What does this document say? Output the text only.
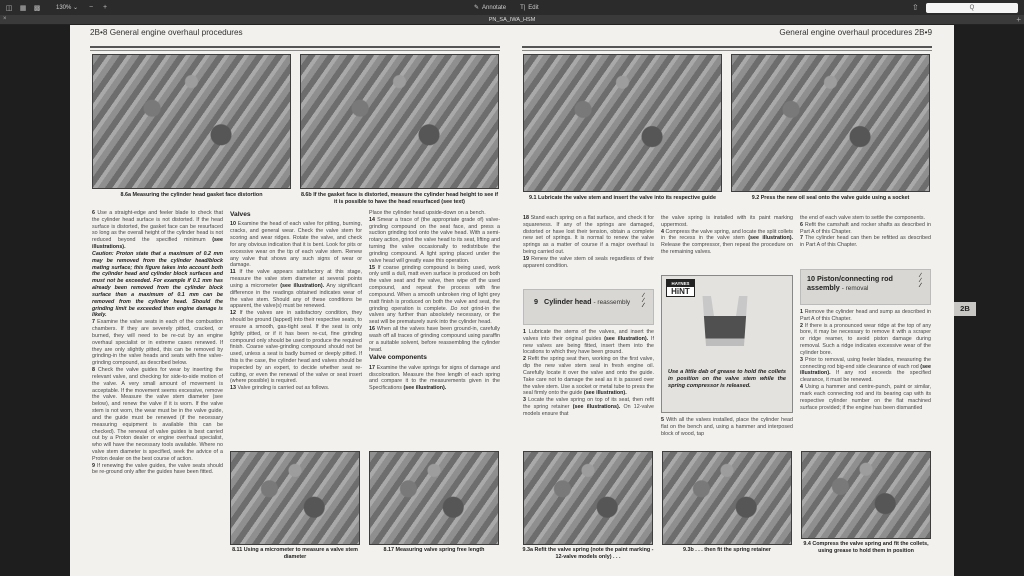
◫ ▦ ▩	130% ⌄	−	+	✎ Annotate T| Edit	⇧	Q
×	PN_SA_IWA_HSM	+
2B•8 General engine overhaul procedures
8.6a Measuring the cylinder head gasket face distortion	8.6b If the gasket face is distorted, measure the cylinder head height to see if it is possible to have the head resurfaced (see text)

6 Use a straight-edge and feeler blade to check that the cylinder head surface is not distorted. If the head surface is distorted, the gasket face can be resurfaced so long as the overall height of the cylinder head is not reduced beyond the specified minimum (see illustrations).

Caution: Proton state that a maximum of 0.2 mm may be removed from the cylinder head/block mating surface; this figure takes into account both the cylinder head and cylinder block surfaces and must not be exceeded. For example if 0.1 mm has already been removed from the cylinder block surface then a maximum of 0.1 mm can be removed from the cylinder head. Should the grinding limit be exceeded then engine damage is likely.

7 Examine the valve seats in each of the combustion chambers. If they are severely pitted, cracked, or burned, they will need to be re-cut by an engine overhaul specialist or in extreme cases renewed. If they are only slightly pitted, this can be removed by grinding-in the valve heads and seats with fine valve-grinding compound, as described below.

8 Check the valve guides for wear by inserting the relevant valve, and checking for side-to-side motion of the valve. A very small amount of movement is acceptable. If the movement seems excessive, remove the valve. Measure the valve stem diameter (see below), and renew the valve if it is worn. If the valve stem is not worn, the wear must be in the valve guide, and the guide must be renewed (if the necessary measuring equipment is available this can be checked). The renewal of valve guides is best carried out by a Proton dealer or engine overhaul specialist, who will have the necessary tools available. Where no valve stem diameter is specified, seek the advice of a Proton dealer on the best course of action.

9 If renewing the valve guides, the valve seats should be re-ground only after the guides have been fitted.

Valves

10 Examine the head of each valve for pitting, burning, cracks, and general wear. Check the valve stem for scoring and wear ridges. Rotate the valve, and check for any obvious indication that it is bent. Look for pits or excessive wear on the tip of each valve stem. Renew any valve that shows any such signs of wear or damage.

11 If the valve appears satisfactory at this stage, measure the valve stem diameter at several points using a micrometer (see illustration). Any significant difference in the readings obtained indicates wear of the valve stem. Should any of these conditions be apparent, the valve(s) must be renewed.

12 If the valves are in satisfactory condition, they should be ground (lapped) into their respective seats, to ensure a smooth, gas-tight seal. If the seat is only lightly pitted, or if it has been re-cut, fine grinding compound only should be used to produce the required finish. Coarse valve-grinding compound should not be used, unless a seat is badly burned or deeply pitted. If this is the case, the cylinder head and valves should be inspected by an expert, to decide whether seat re-cutting, or even the renewal of the valve or seat insert (where possible) is required.

13 Valve grinding is carried out as follows.

Place the cylinder head upside-down on a bench.

14 Smear a trace of (the appropriate grade of) valve-grinding compound on the seat face, and press a suction grinding tool onto the valve head. With a semi-rotary action, grind the valve head to its seat, lifting and turning the valve occasionally to redistribute the grinding compound. A light spring placed under the valve head will greatly ease this operation.

15 If coarse grinding compound is being used, work only until a dull, matt even surface is produced on both the valve seat and the valve, then wipe off the used compound, and repeat the process with fine compound. When a smooth unbroken ring of light grey matt finish is produced on both the valve and seat, the grinding operation is complete. Do not grind-in the valves any further than absolutely necessary, or the seat will be prematurely sunk into the cylinder head.

16 When all the valves have been ground-in, carefully wash off all traces of grinding compound using paraffin or a suitable solvent, before reassembling the cylinder head.

Valve components

17 Examine the valve springs for signs of damage and discoloration. Measure the free length of each spring and compare it to the measurements given in the Specifications (see illustration).

8.11 Using a micrometer to measure a valve stem diameter
8.17 Measuring valve spring free length
General engine overhaul procedures 2B•9
9.1 Lubricate the valve stem and insert the valve into its respective guide	9.2 Press the new oil seal onto the valve guide using a socket

18 Stand each spring on a flat surface, and check it for squareness. If any of the springs are damaged, distorted or have lost their tension, obtain a complete new set of springs. It is normal to renew the valve springs as a matter of course if a major overhaul is being carried out.

19 Renew the valve stem oil seals regardless of their apparent condition.

9 Cylinder head - reassembly
∕∕
∕∕
∕∕∕

1 Lubricate the stems of the valves, and insert the valves into their original guides (see illustration). If new valves are being fitted, insert them into the locations to which they have been ground.

2 Refit the spring seat then, working on the first valve, dip the new valve stem seal in fresh engine oil. Carefully locate it over the valve and onto the guide. Take care not to damage the seal as it is passed over the valve stem. Use a socket or metal tube to press the seal firmly onto the guide (see illustration).

3 Locate the valve spring on top of its seat, then refit the spring retainer (see illustrations). On 12-valve models ensure that

the valve spring is installed with its paint marking uppermost.

4 Compress the valve spring, and locate the split collets in the recess in the valve stem (see illustration). Release the compressor, then repeat the procedure on the remaining valves.

HAYNES
HiNT
Use a little dab of grease to hold the collets in position on the valve stem while the spring compressor is released.

5 With all the valves installed, place the cylinder head flat on the bench and, using a hammer and interposed block of wood, tap

the end of each valve stem to settle the components.

6 Refit the camshaft and rocker shafts as described in Part A of this Chapter.

7 The cylinder head can then be refitted as described in Part A of this Chapter.

10 Piston/connecting rod assembly - removal
∕∕
∕∕
∕∕∕

1 Remove the cylinder head and sump as described in Part A of this Chapter.

2 If there is a pronounced wear ridge at the top of any bore, it may be necessary to remove it with a scraper or ridge reamer, to avoid piston damage during removal. Such a ridge indicates excessive wear of the cylinder bore.

3 Prior to removal, using feeler blades, measuring the connecting rod big-end side clearance of each rod (see illustration). If any rod exceeds the specified clearance, it must be renewed.

4 Using a hammer and centre-punch, paint or similar, mark each connecting rod and its bearing cap with its respective cylinder number on the flat machined surface provided; if the engine has been dismantled

9.3a Refit the valve spring (note the paint marking - 12-valve models only) . . .
9.3b . . . then fit the spring retainer
9.4 Compress the valve spring and fit the collets, using grease to hold them in position
2B
